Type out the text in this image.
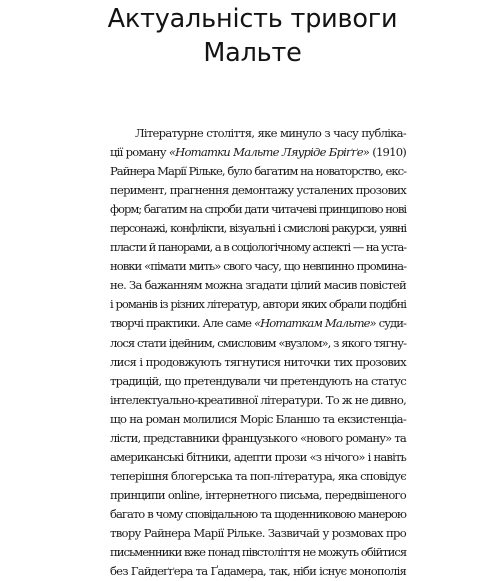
Актуальність тривоги
Мальте
Літературне століття, яке минуло з часу публіка-
ції роману «Нотатки Мальте Ляуріде Бріґґе» (1910)
Райнера Марії Рільке, було багатим на новаторство, екс-
перимент, прагнення демонтажу усталених прозових
форм; багатим на спроби дати читачеві принципово нові
персонажі, конфлікти, візуальні і смислові ракурси, уявні
пласти й панорами, а в соціологічному аспекті — на уста-
новки «пімати мить» свого часу, що невпинно промина-
не. За бажанням можна згадати цілий масив повістей
і романів із різних літератур, автори яких обрали подібні
творчі практики. Але саме «Нотаткам Мальте» суди-
лося стати ідейним, смисловим «вузлом», з якого тягну-
лися і продовжують тягнутися ниточки тих прозових
традицій, що претендували чи претендують на статус
інтелектуально-креативної літератури. То ж не дивно,
що на роман молилися Моріс Бланшо та екзистенціа-
лісти, представники французького «нового роману» та
американські бітники, адепти прози «з нічого» і навіть
теперішня блогерська та поп-література, яка сповідує
принципи online, інтернетного письма, передвішеного
багато в чому сповідальною та щоденниковою манерою
твору Райнера Марії Рільке. Зазвичай у розмовах про
письменники вже понад півстоліття не можуть обійтися
без Гайдеґґера та Ґадамера, так, ніби існує монополія
